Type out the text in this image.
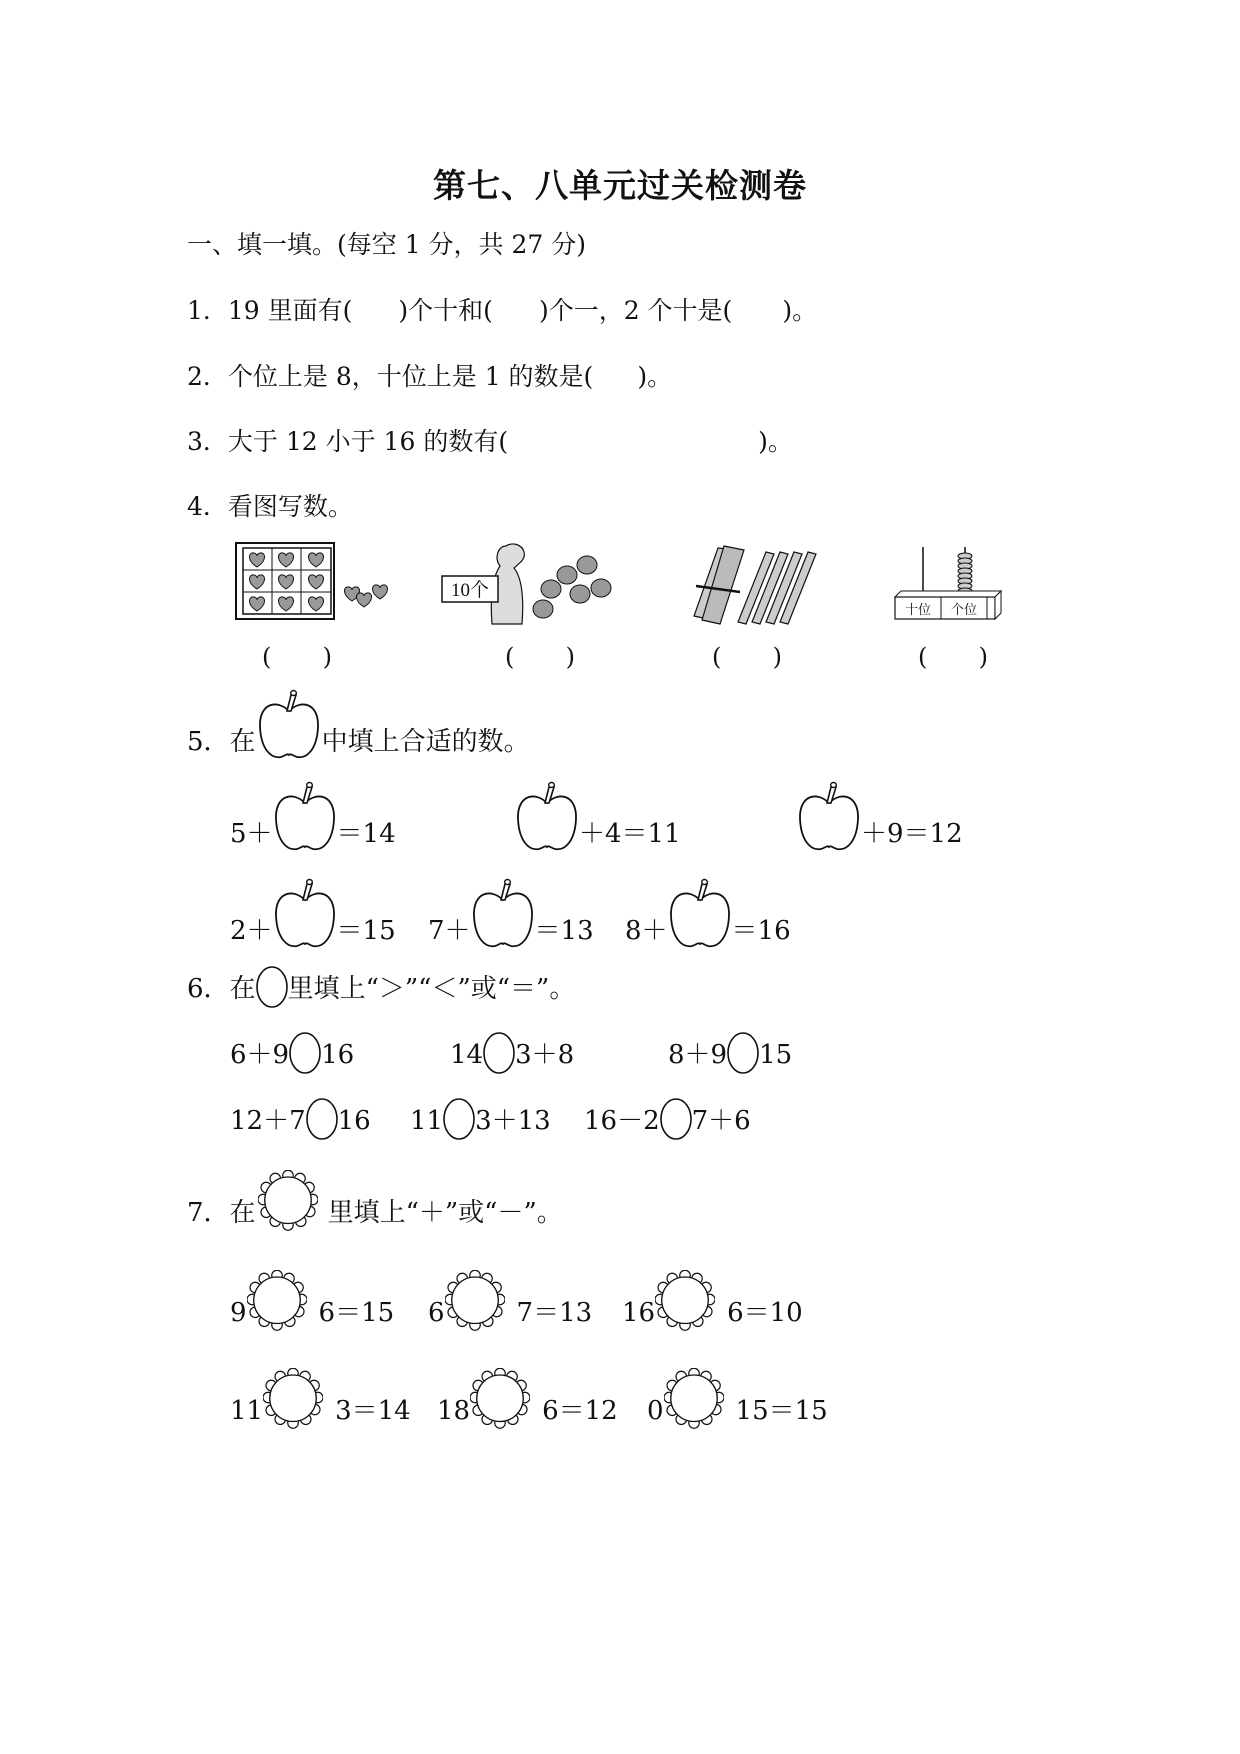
第七、八单元过关检测卷
一、填一填。(每空 1 分，共 27 分)
1．19 里面有( )个十和( )个一，2 个十是( )。
2．个位上是 8，十位上是 1 的数是( )。
3．大于 12 小于 16 的数有(	)。
4．看图写数。
( )
10个
( )	( )
十位 个位
( )
5． 在	中填上合适的数。
5＋ ＝14	＋4＝11	＋9＝12
2＋ ＝15 7＋ ＝13 8＋ ＝16
6． 在 里填上“＞”“＜”或“＝”。
6＋9 16	14 3＋8	8＋9 15
12＋7 16 11 3＋13 16－2 7＋6
7． 在	里填上“＋”或“－”。
9	6＝15 6	7＝13 16	6＝10
11	3＝14 18	6＝12 0	15＝15
